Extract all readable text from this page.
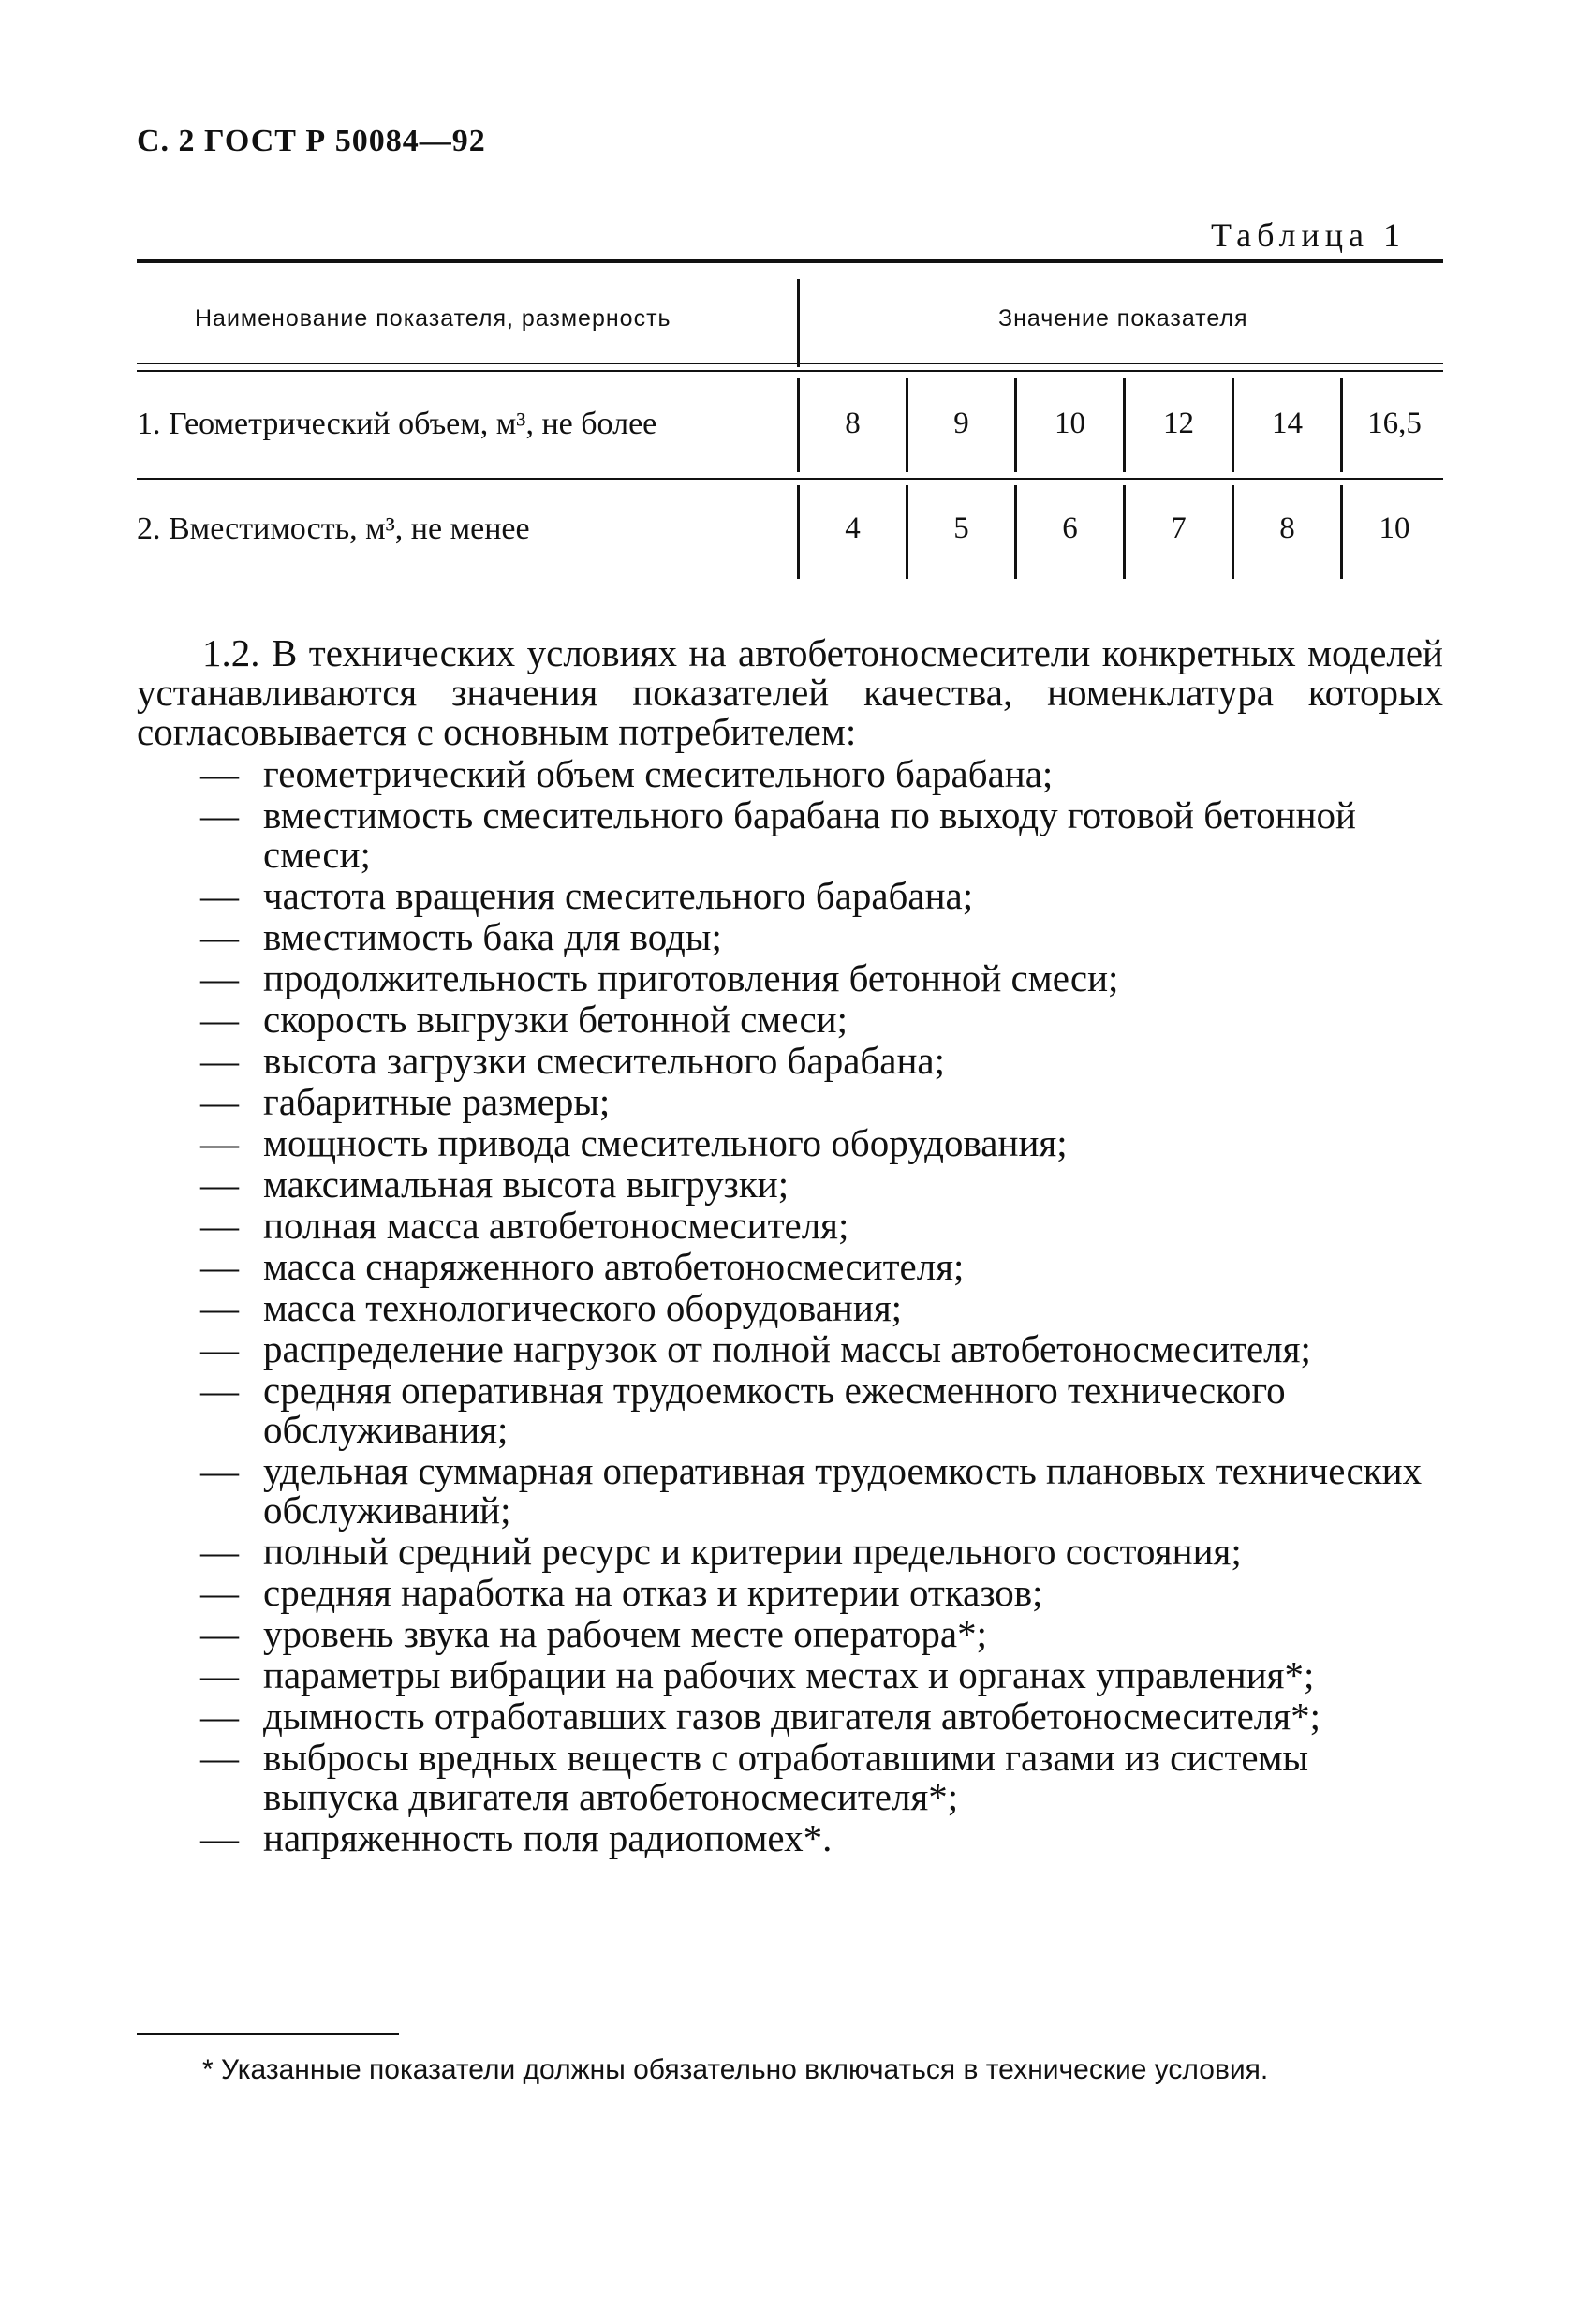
С. 2 ГОСТ Р 50084—92
Таблица 1
Наименование показателя, размерность	Значение показателя
1. Геометрический объем, м³, не более	8	9	10	12	14	16,5
2. Вместимость, м³, не менее	4	5	6	7	8	10
1.2. В технических условиях на автобетоносмесители конкретных моделей устанавливаются значения показателей качества, номенклатура которых согласовывается с основным потребителем:
— геометрический объем смесительного барабана;
— вместимость смесительного барабана по выходу готовой бетонной смеси;
— частота вращения смесительного барабана;
— вместимость бака для воды;
— продолжительность приготовления бетонной смеси;
— скорость выгрузки бетонной смеси;
— высота загрузки смесительного барабана;
— габаритные размеры;
— мощность привода смесительного оборудования;
— максимальная высота выгрузки;
— полная масса автобетоносмесителя;
— масса снаряженного автобетоносмесителя;
— масса технологического оборудования;
— распределение нагрузок от полной массы автобетоносмесителя;
— средняя оперативная трудоемкость ежесменного технического обслуживания;
— удельная суммарная оперативная трудоемкость плановых технических обслуживаний;
— полный средний ресурс и критерии предельного состояния;
— средняя наработка на отказ и критерии отказов;
— уровень звука на рабочем месте оператора*;
— параметры вибрации на рабочих местах и органах управления*;
— дымность отработавших газов двигателя автобетоносмесителя*;
— выбросы вредных веществ с отработавшими газами из системы выпуска двигателя автобетоносмесителя*;
— напряженность поля радиопомех*.
* Указанные показатели должны обязательно включаться в технические условия.
